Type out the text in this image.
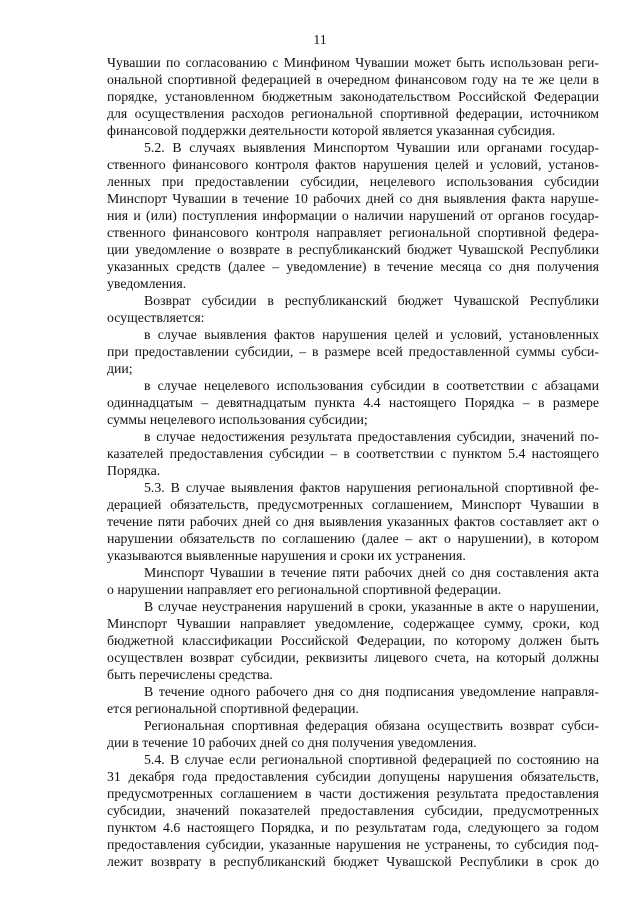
11
Чувашии по согласованию с Минфином Чувашии может быть использован реги-
ональной спортивной федерацией в очередном финансовом году на те же цели в
порядке, установленном бюджетным законодательством Российской Федерации
для осуществления расходов региональной спортивной федерации, источником
финансовой поддержки деятельности которой является указанная субсидия.
5.2. В случаях выявления Минспортом Чувашии или органами государ-
ственного финансового контроля фактов нарушения целей и условий, установ-
ленных при предоставлении субсидии, нецелевого использования субсидии
Минспорт Чувашии в течение 10 рабочих дней со дня выявления факта наруше-
ния и (или) поступления информации о наличии нарушений от органов государ-
ственного финансового контроля направляет региональной спортивной федера-
ции уведомление о возврате в республиканский бюджет Чувашской Республики
указанных средств (далее – уведомление) в течение месяца со дня получения
уведомления.
Возврат субсидии в республиканский бюджет Чувашской Республики
осуществляется:
в случае выявления фактов нарушения целей и условий, установленных
при предоставлении субсидии, – в размере всей предоставленной суммы субси-
дии;
в случае нецелевого использования субсидии в соответствии с абзацами
одиннадцатым – девятнадцатым пункта 4.4 настоящего Порядка – в размере
суммы нецелевого использования субсидии;
в случае недостижения результата предоставления субсидии, значений по-
казателей предоставления субсидии – в соответствии с пунктом 5.4 настоящего
Порядка.
5.3. В случае выявления фактов нарушения региональной спортивной фе-
дерацией обязательств, предусмотренных соглашением, Минспорт Чувашии в
течение пяти рабочих дней со дня выявления указанных фактов составляет акт о
нарушении обязательств по соглашению (далее – акт о нарушении), в котором
указываются выявленные нарушения и сроки их устранения.
Минспорт Чувашии в течение пяти рабочих дней со дня составления акта
о нарушении направляет его региональной спортивной федерации.
В случае неустранения нарушений в сроки, указанные в акте о нарушении,
Минспорт Чувашии направляет уведомление, содержащее сумму, сроки, код
бюджетной классификации Российской Федерации, по которому должен быть
осуществлен возврат субсидии, реквизиты лицевого счета, на который должны
быть перечислены средства.
В течение одного рабочего дня со дня подписания уведомление направля-
ется региональной спортивной федерации.
Региональная спортивная федерация обязана осуществить возврат субси-
дии в течение 10 рабочих дней со дня получения уведомления.
5.4. В случае если региональной спортивной федерацией по состоянию на
31 декабря года предоставления субсидии допущены нарушения обязательств,
предусмотренных соглашением в части достижения результата предоставления
субсидии, значений показателей предоставления субсидии, предусмотренных
пунктом 4.6 настоящего Порядка, и по результатам года, следующего за годом
предоставления субсидии, указанные нарушения не устранены, то субсидия под-
лежит возврату в республиканский бюджет Чувашской Республики в срок до
